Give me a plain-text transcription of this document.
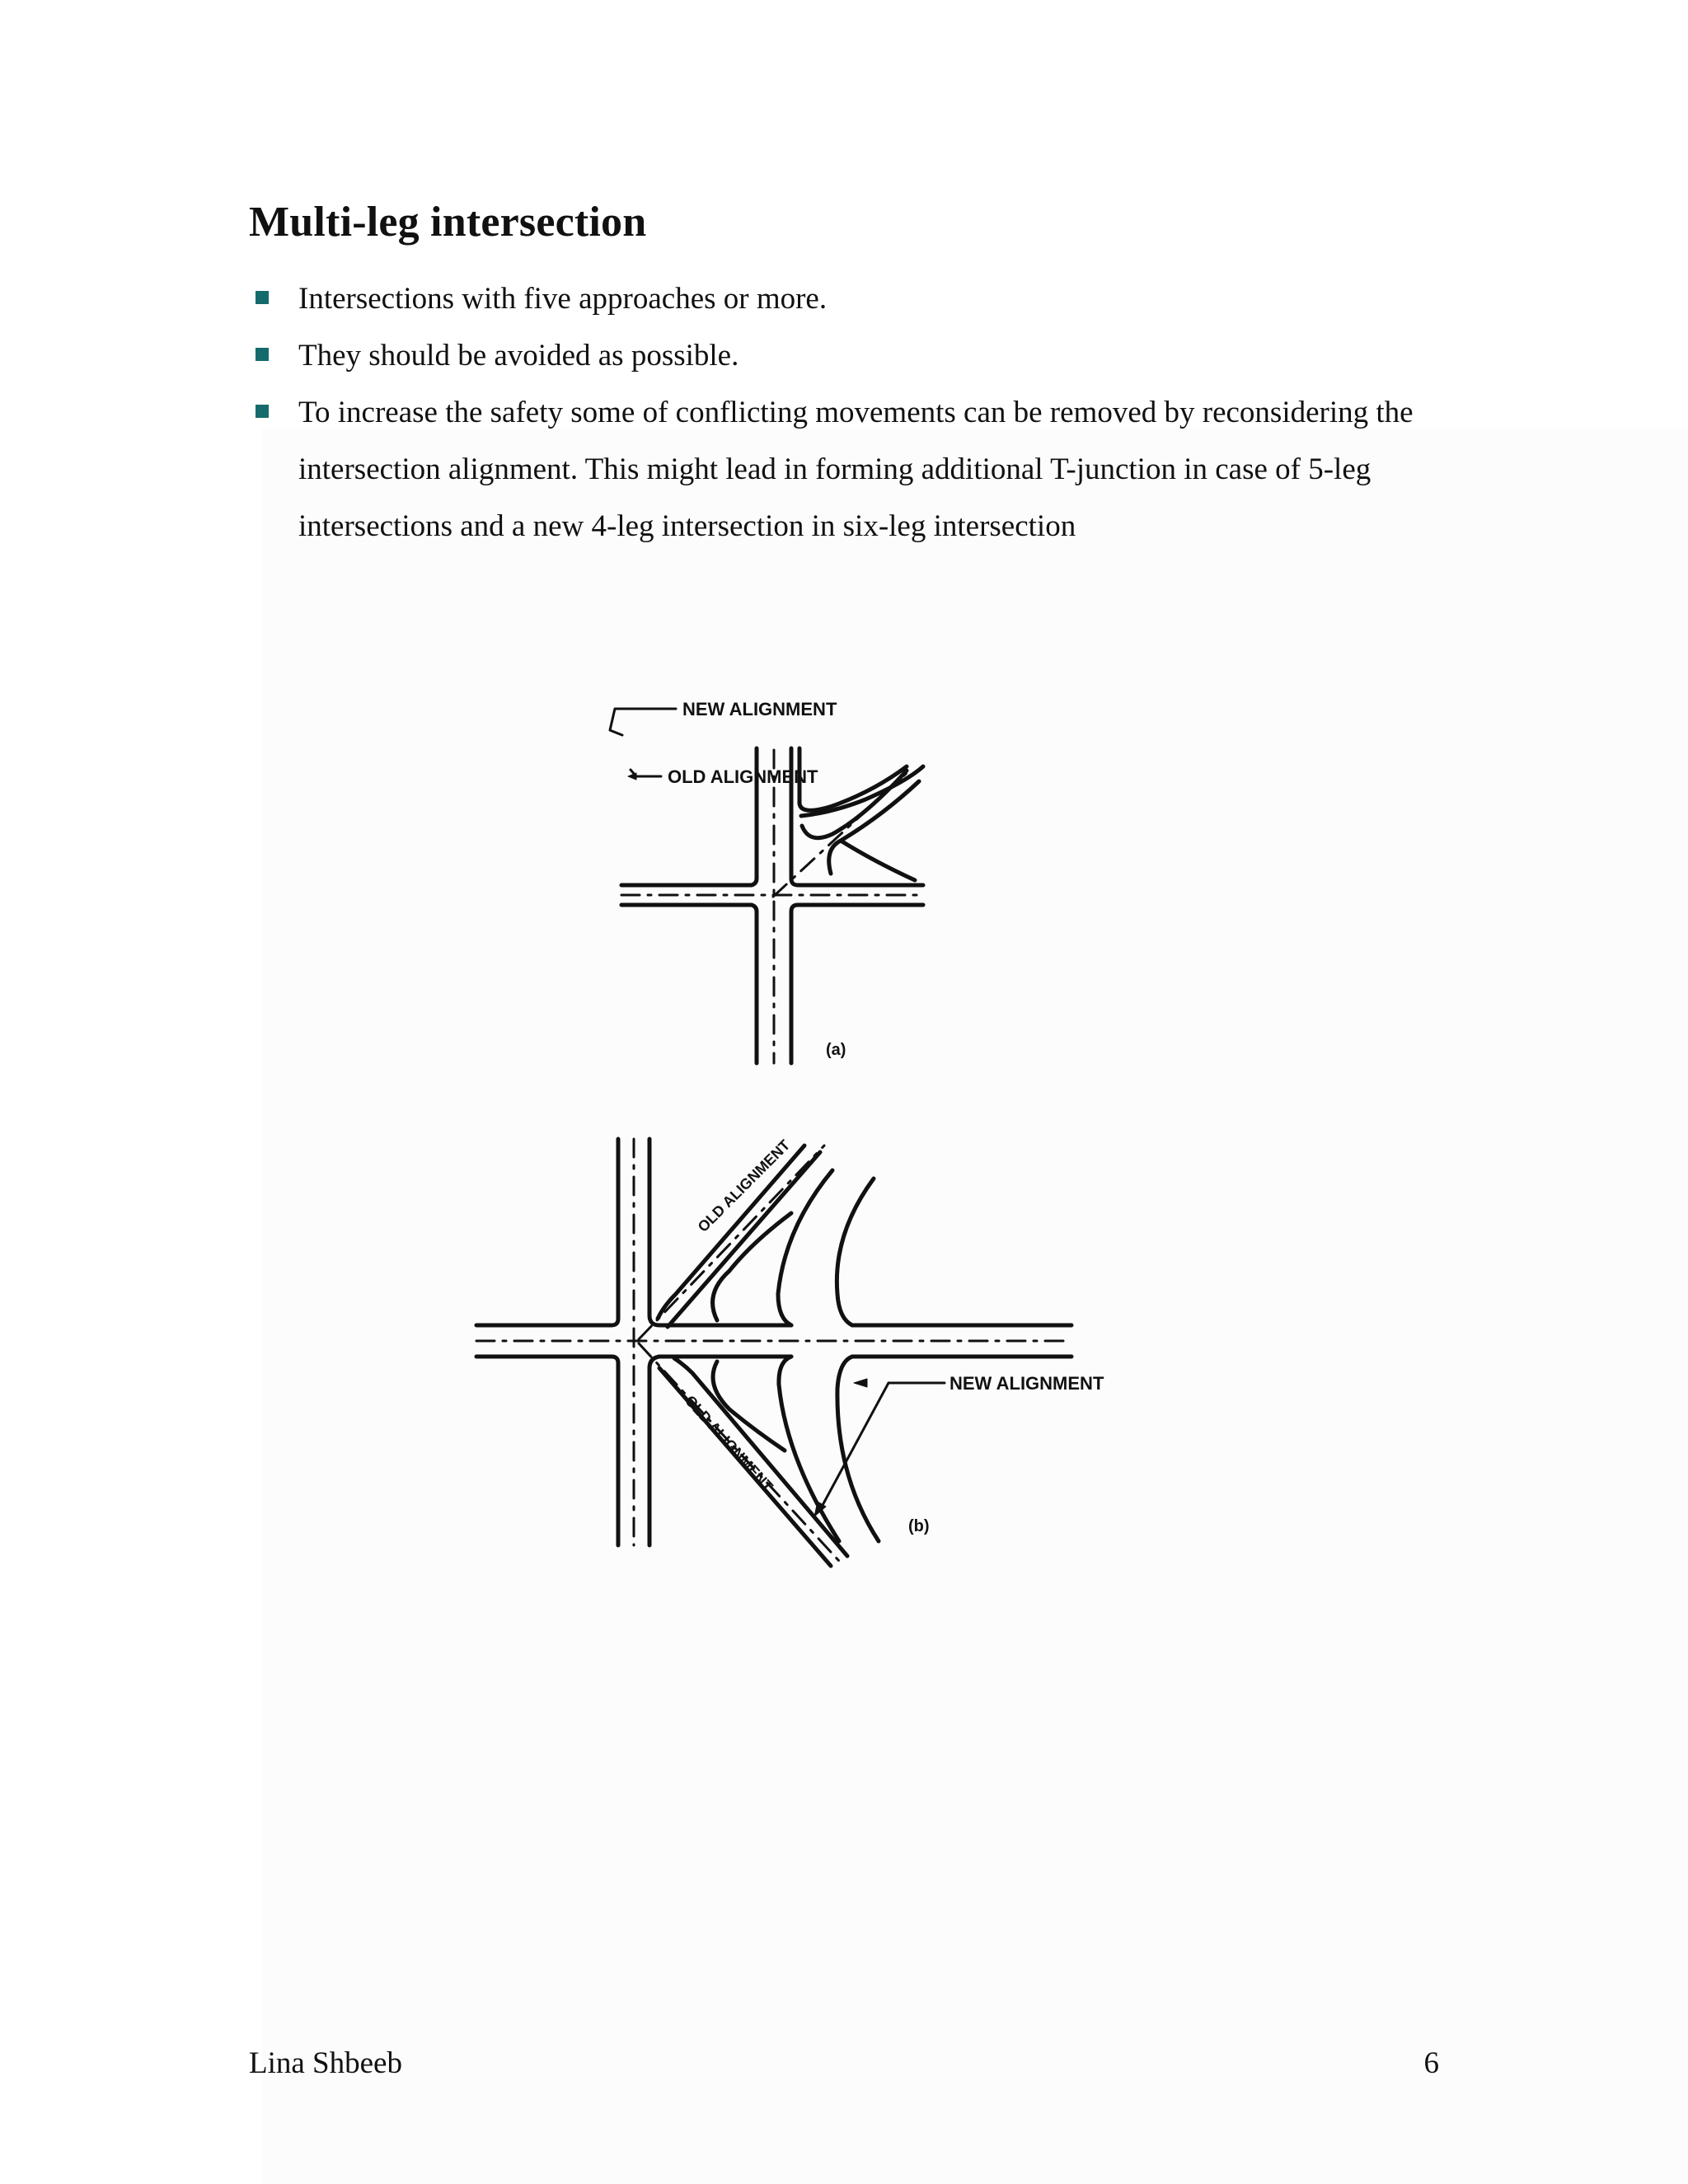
Multi-leg intersection
Intersections with five approaches or more.
They should be avoided as possible.
To increase the safety some of conflicting movements can be removed by reconsidering the intersection alignment. This might lead in forming additional T-junction in case of 5-leg intersections and a new 4-leg intersection in six-leg intersection
NEW ALIGNMENT
OLD ALIGNMENT
(a)
NEW ALIGNMENT
OLD ALIGNMENT
OLD ALIGNMENT
(b)
Lina Shbeeb	6
